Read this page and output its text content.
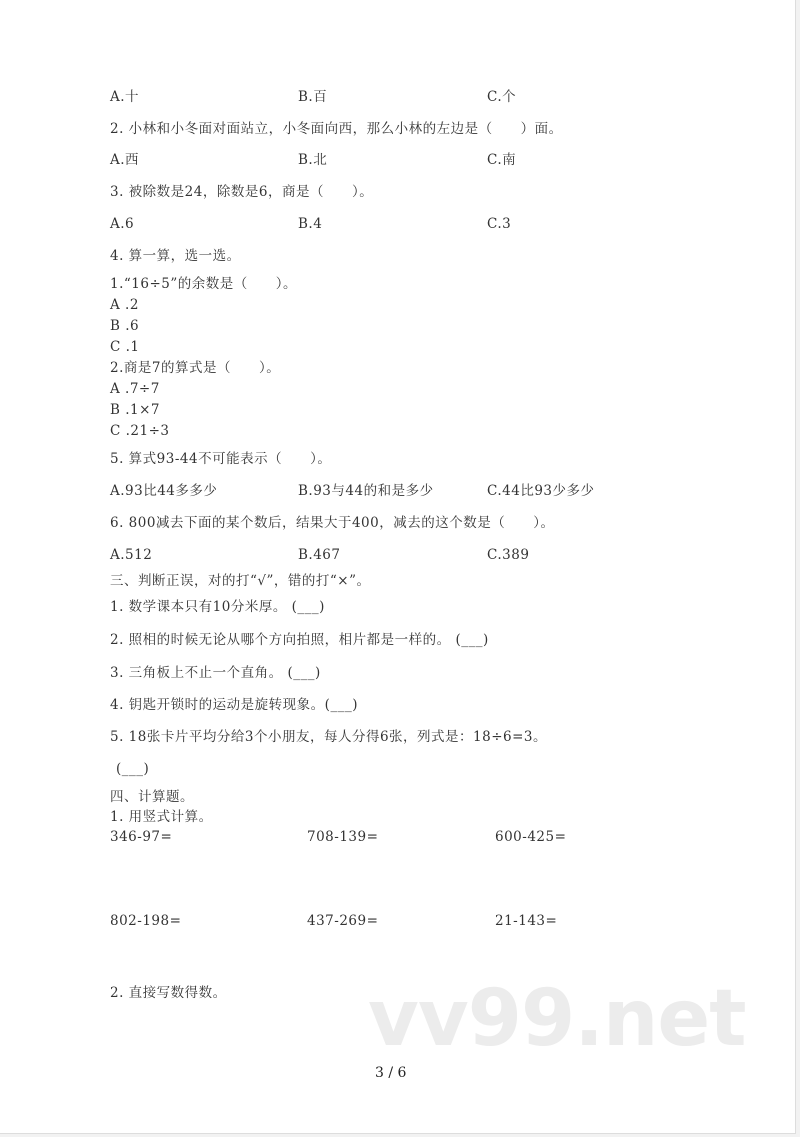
vv99.net
A.十	B.百	C.个
2. 小林和小冬面对面站立，小冬面向西，那么小林的左边是（　　）面。
A.西	B.北	C.南
3. 被除数是24，除数是6，商是（　　）。
A.6	B.4	C.3
4. 算一算，选一选。
1.“16÷5”的余数是（　　）。
A .2
B .6
C .1
2.商是7的算式是（　　）。
A .7÷7
B .1×7
C .21÷3
5. 算式93-44不可能表示（　　）。
A.93比44多多少	B.93与44的和是多少	C.44比93少多少
6. 800减去下面的某个数后，结果大于400，减去的这个数是（　　）。
A.512	B.467	C.389
三、判断正误，对的打“√”，错的打“×”。
1. 数学课本只有10分米厚。 (___)
2. 照相的时候无论从哪个方向拍照，相片都是一样的。 (___)
3. 三角板上不止一个直角。 (___)
4. 钥匙开锁时的运动是旋转现象。(___)
5. 18张卡片平均分给3个小朋友，每人分得6张，列式是：18÷6=3。
(___)
四、计算题。
1. 用竖式计算。
346-97=	708-139=	600-425=
802-198=	437-269=	21-143=
2. 直接写数得数。
3 / 6
